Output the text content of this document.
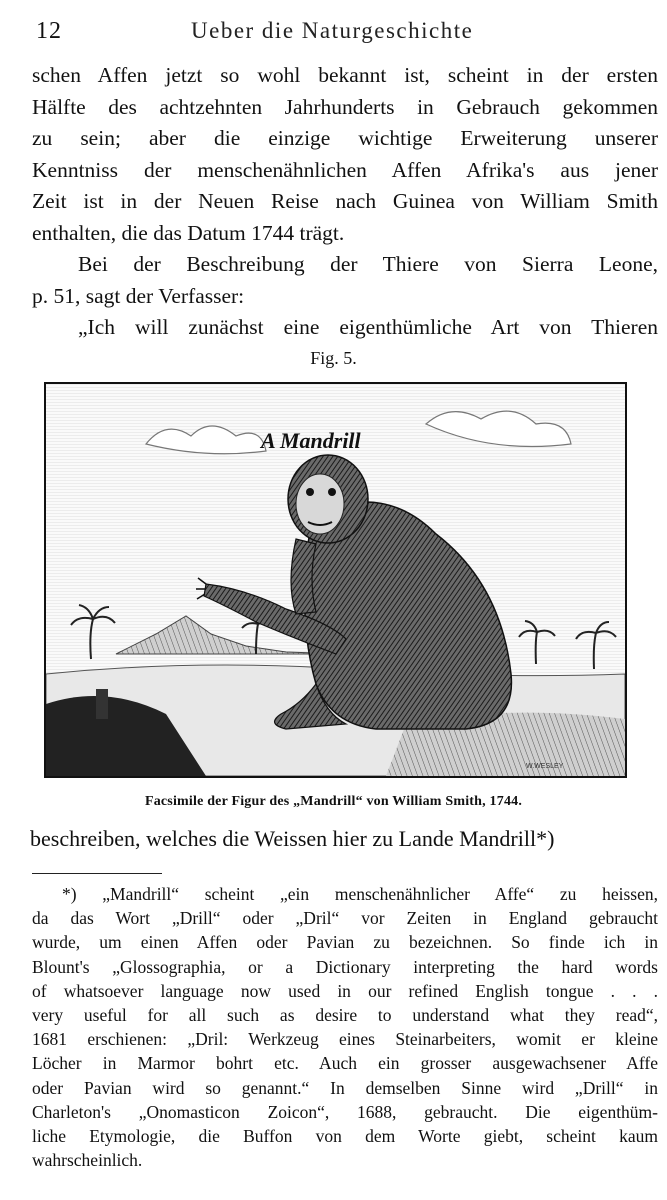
12	Ueber die Naturgeschichte
schen Affen jetzt so wohl bekannt ist, scheint in der ersten
Hälfte des achtzehnten Jahrhunderts in Gebrauch gekommen
zu sein; aber die einzige wichtige Erweiterung unserer
Kenntniss der menschenähnlichen Affen Afrika's aus jener
Zeit ist in der Neuen Reise nach Guinea von William Smith
enthalten, die das Datum 1744 trägt.
Bei der Beschreibung der Thiere von Sierra Leone,
p. 51, sagt der Verfasser:
„Ich will zunächst eine eigenthümliche Art von Thieren
Fig. 5.
A Mandrill
W.WESLEY
Facsimile der Figur des „Mandrill“ von William Smith, 1744.
beschreiben, welches die Weissen hier zu Lande Mandrill*)
*) „Mandrill“ scheint „ein menschenähnlicher Affe“ zu heissen,
da das Wort „Drill“ oder „Dril“ vor Zeiten in England gebraucht
wurde, um einen Affen oder Pavian zu bezeichnen. So finde ich in
Blount's „Glossographia, or a Dictionary interpreting the hard words
of whatsoever language now used in our refined English tongue . . .
very useful for all such as desire to understand what they read“,
1681 erschienen: „Dril: Werkzeug eines Steinarbeiters, womit er kleine
Löcher in Marmor bohrt etc. Auch ein grosser ausgewachsener Affe
oder Pavian wird so genannt.“ In demselben Sinne wird „Drill“ in
Charleton's „Onomasticon Zoicon“, 1688, gebraucht. Die eigenthüm-
liche Etymologie, die Buffon von dem Worte giebt, scheint kaum
wahrscheinlich.
